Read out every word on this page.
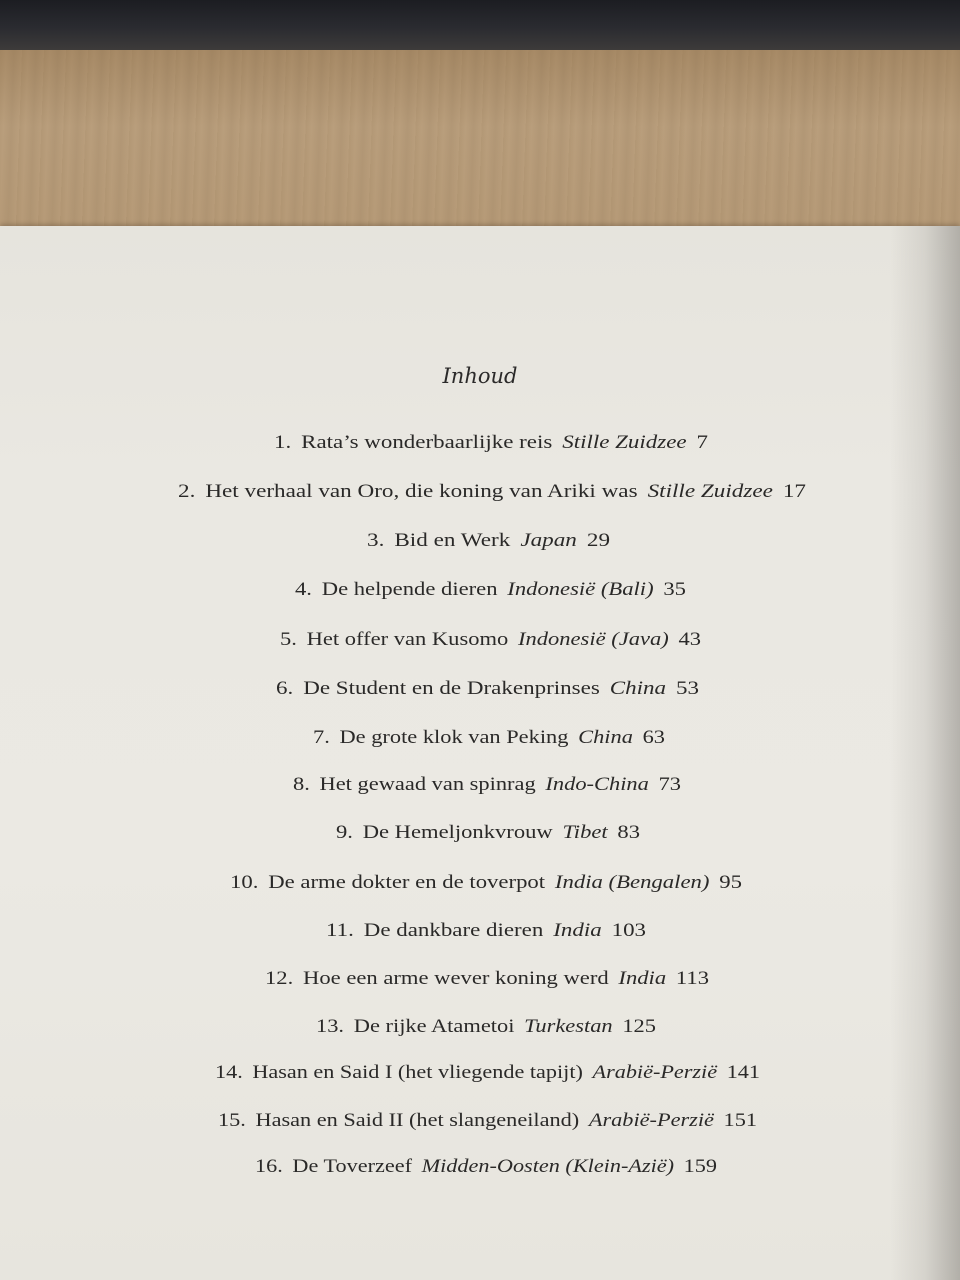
Inhoud
1. Rata’s wonderbaarlijke reis Stille Zuidzee 7
2. Het verhaal van Oro, die koning van Ariki was Stille Zuidzee 17
3. Bid en Werk Japan 29
4. De helpende dieren Indonesië (Bali) 35
5. Het offer van Kusomo Indonesië (Java) 43
6. De Student en de Drakenprinses China 53
7. De grote klok van Peking China 63
8. Het gewaad van spinrag Indo-China 73
9. De Hemeljonkvrouw Tibet 83
10. De arme dokter en de toverpot India (Bengalen) 95
11. De dankbare dieren India 103
12. Hoe een arme wever koning werd India 113
13. De rijke Atametoi Turkestan 125
14. Hasan en Said I (het vliegende tapijt) Arabië-Perzië 141
15. Hasan en Said II (het slangeneiland) Arabië-Perzië 151
16. De Toverzeef Midden-Oosten (Klein-Azië) 159
